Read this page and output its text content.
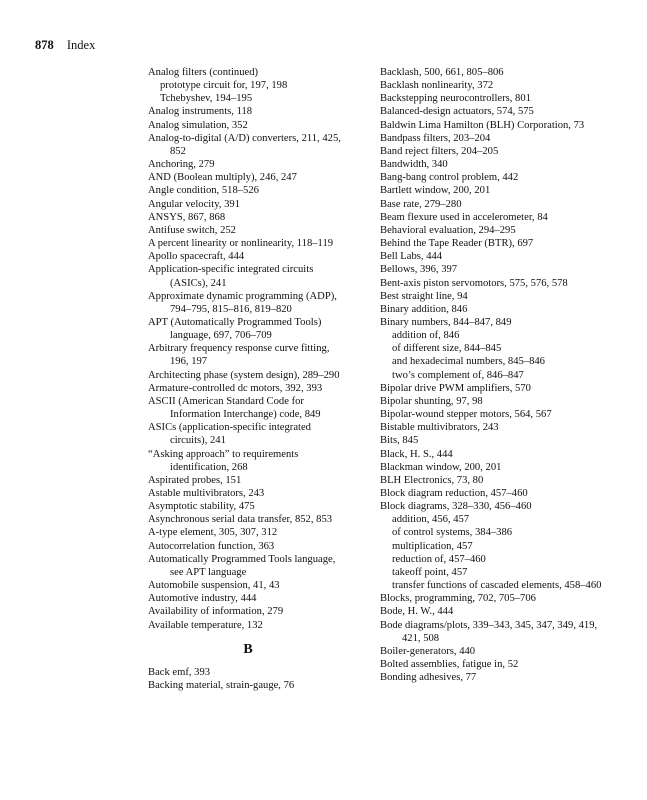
878 Index
Analog filters (continued)
prototype circuit for, 197, 198
Tchebyshev, 194–195
Analog instruments, 118
Analog simulation, 352
Analog-to-digital (A/D) converters, 211, 425, 852
Anchoring, 279
AND (Boolean multiply), 246, 247
Angle condition, 518–526
Angular velocity, 391
ANSYS, 867, 868
Antifuse switch, 252
A percent linearity or nonlinearity, 118–119
Apollo spacecraft, 444
Application-specific integrated circuits (ASICs), 241
Approximate dynamic programming (ADP), 794–795, 815–816, 819–820
APT (Automatically Programmed Tools) language, 697, 706–709
Arbitrary frequency response curve fitting, 196, 197
Architecting phase (system design), 289–290
Armature-controlled dc motors, 392, 393
ASCII (American Standard Code for Information Interchange) code, 849
ASICs (application-specific integrated circuits), 241
“Asking approach” to requirements identification, 268
Aspirated probes, 151
Astable multivibrators, 243
Asymptotic stability, 475
Asynchronous serial data transfer, 852, 853
A-type element, 305, 307, 312
Autocorrelation function, 363
Automatically Programmed Tools language, see APT language
Automobile suspension, 41, 43
Automotive industry, 444
Availability of information, 279
Available temperature, 132
B
Back emf, 393
Backing material, strain-gauge, 76
Backlash, 500, 661, 805–806
Backlash nonlinearity, 372
Backstepping neurocontrollers, 801
Balanced-design actuators, 574, 575
Baldwin Lima Hamilton (BLH) Corporation, 73
Bandpass filters, 203–204
Band reject filters, 204–205
Bandwidth, 340
Bang-bang control problem, 442
Bartlett window, 200, 201
Base rate, 279–280
Beam flexure used in accelerometer, 84
Behavioral evaluation, 294–295
Behind the Tape Reader (BTR), 697
Bell Labs, 444
Bellows, 396, 397
Bent-axis piston servomotors, 575, 576, 578
Best straight line, 94
Binary addition, 846
Binary numbers, 844–847, 849
addition of, 846
of different size, 844–845
and hexadecimal numbers, 845–846
two’s complement of, 846–847
Bipolar drive PWM amplifiers, 570
Bipolar shunting, 97, 98
Bipolar-wound stepper motors, 564, 567
Bistable multivibrators, 243
Bits, 845
Black, H. S., 444
Blackman window, 200, 201
BLH Electronics, 73, 80
Block diagram reduction, 457–460
Block diagrams, 328–330, 456–460
addition, 456, 457
of control systems, 384–386
multiplication, 457
reduction of, 457–460
takeoff point, 457
transfer functions of cascaded elements, 458–460
Blocks, programming, 702, 705–706
Bode, H. W., 444
Bode diagrams/plots, 339–343, 345, 347, 349, 419, 421, 508
Boiler-generators, 440
Bolted assemblies, fatigue in, 52
Bonding adhesives, 77
